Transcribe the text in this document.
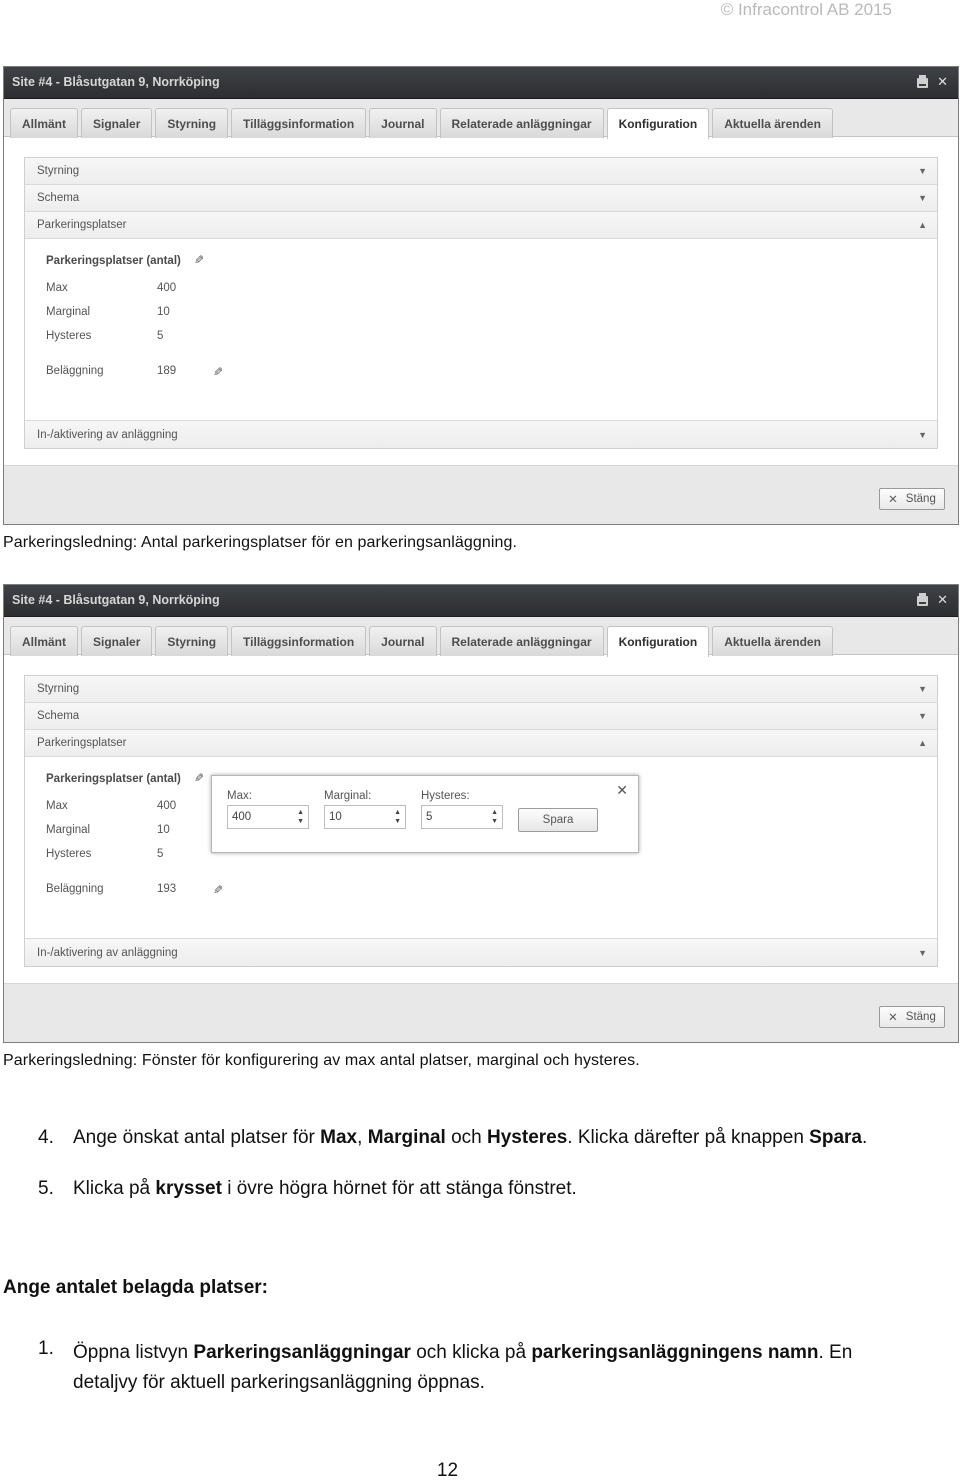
© Infracontrol AB 2015
Site #4 - Blåsutgatan 9, Norrköping	✕
Allmänt	Signaler	Styrning	Tilläggsinformation	Journal	Relaterade anläggningar	Konfiguration	Aktuella ärenden
Styrning	▼
Schema	▼
Parkeringsplatser	▲
Parkeringsplatser (antal) ✎
Max	400
Marginal	10
Hysteres	5
Beläggning	189	✎
In-/aktivering av anläggning	▼
✕ Stäng
Parkeringsledning: Antal parkeringsplatser för en parkeringsanläggning.
Site #4 - Blåsutgatan 9, Norrköping	✕
Allmänt	Signaler	Styrning	Tilläggsinformation	Journal	Relaterade anläggningar	Konfiguration	Aktuella ärenden
Styrning	▼
Schema	▼
Parkeringsplatser	▲
Parkeringsplatser (antal) ✎
Max	400
Marginal	10
Hysteres	5
Beläggning	193	✎
✕
Max:
400	▲
▼
Marginal:
10	▲
▼
Hysteres:
5	▲
▼	Spara
In-/aktivering av anläggning	▼
✕ Stäng
Parkeringsledning: Fönster för konfigurering av max antal platser, marginal och hysteres.
4. Ange önskat antal platser för Max, Marginal och Hysteres. Klicka därefter på knappen Spara.
5. Klicka på krysset i övre högra hörnet för att stänga fönstret.
Ange antalet belagda platser:
1. Öppna listvyn Parkeringsanläggningar och klicka på parkeringsanläggningens namn. En detaljvy för aktuell parkeringsanläggning öppnas.
12
